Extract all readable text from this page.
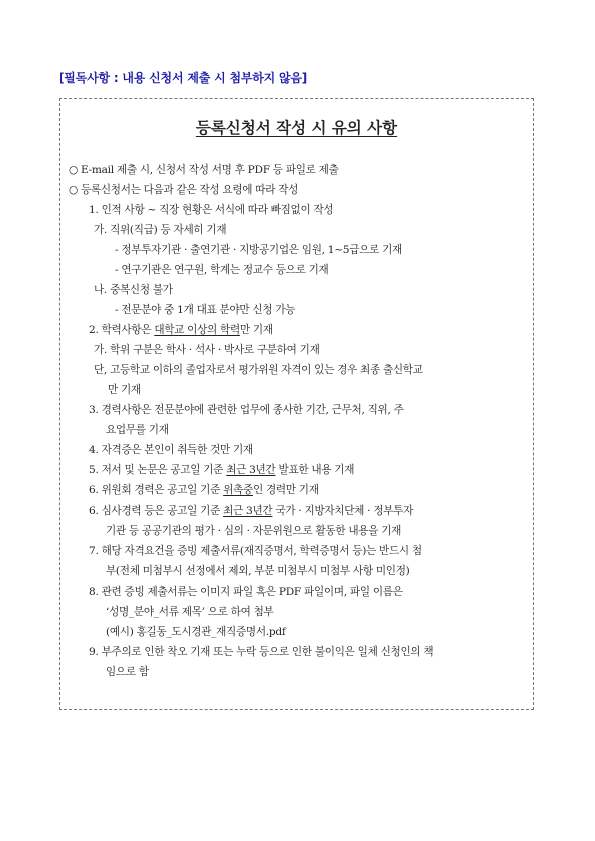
[필독사항 : 내용 신청서 제출 시 첨부하지 않음]
등록신청서 작성 시 유의 사항
○ E-mail 제출 시, 신청서 작성 서명 후 PDF 등 파일로 제출
○ 등록신청서는 다음과 같은 작성 요령에 따라 작성
1. 인적 사항 ~ 직장 현황은 서식에 따라 빠짐없이 작성
가. 직위(직급) 등 자세히 기재
- 정부투자기관 · 출연기관 · 지방공기업은 임원, 1~5급으로 기재
- 연구기관은 연구원, 학계는 정교수 등으로 기재
나. 중복신청 불가
- 전문분야 중 1개 대표 분야만 신청 가능
2. 학력사항은 대학교 이상의 학력만 기재
가. 학위 구분은 학사 · 석사 · 박사로 구분하여 기재
단, 고등학교 이하의 졸업자로서 평가위원 자격이 있는 경우 최종 출신학교
만 기재
3. 경력사항은 전문분야에 관련한 업무에 종사한 기간, 근무처, 직위, 주
요업무를 기재
4. 자격증은 본인이 취득한 것만 기재
5. 저서 및 논문은 공고일 기준 최근 3년간 발표한 내용 기재
6. 위원회 경력은 공고일 기준 위촉중인 경력만 기재
6. 심사경력 등은 공고일 기준 최근 3년간 국가 · 지방자치단체 · 정부투자
기관 등 공공기관의 평가 · 심의 · 자문위원으로 활동한 내용을 기재
7. 해당 자격요건을 증빙 제출서류(재직증명서, 학력증명서 등)는 반드시 첨
부(전체 미첨부시 선정에서 제외, 부분 미첨부시 미첨부 사항 미인정)
8. 관련 증빙 제출서류는 이미지 파일 혹은 PDF 파일이며, 파일 이름은
‘성명_분야_서류 제목’ 으로 하여 첨부
(예시) 홍길동_도시경관_재직증명서.pdf
9. 부주의로 인한 착오 기재 또는 누락 등으로 인한 불이익은 일체 신청인의 책
임으로 함
